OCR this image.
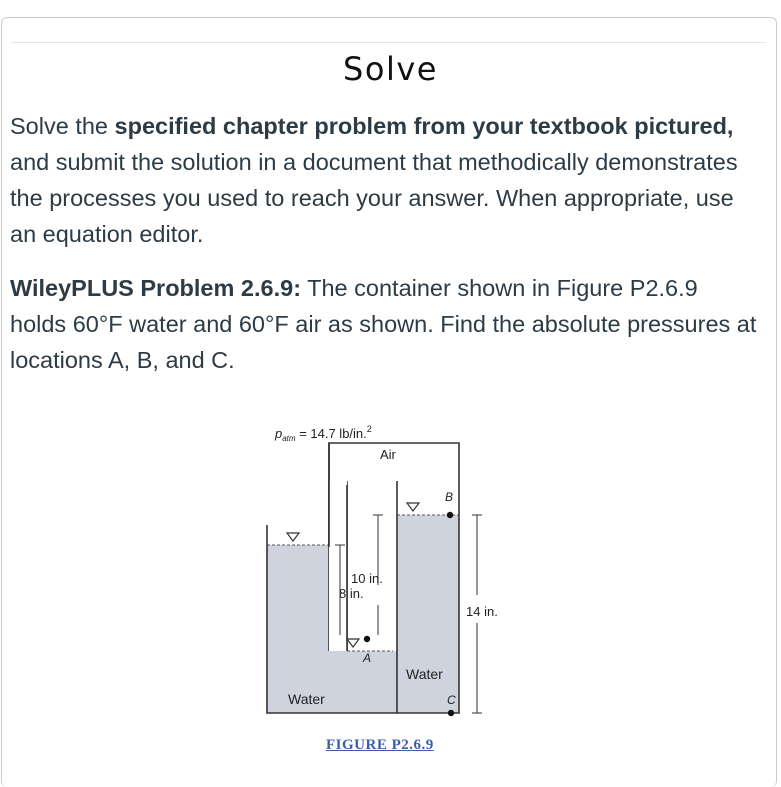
Solve

Solve the specified chapter problem from your textbook pictured, and submit the solution in a document that methodically demonstrates the processes you used to reach your answer. When appropriate, use an equation editor.

WileyPLUS Problem 2.6.9: The container shown in Figure P2.6.9 holds 60°F water and 60°F air as shown. Find the absolute pressures at locations A, B, and C.

$p_{atm} = 14.7$ lb/in.$^2$
Air
10 in.
8 in.
14 in.
A
B
C
Water
Water
FIGURE P2.6.9
